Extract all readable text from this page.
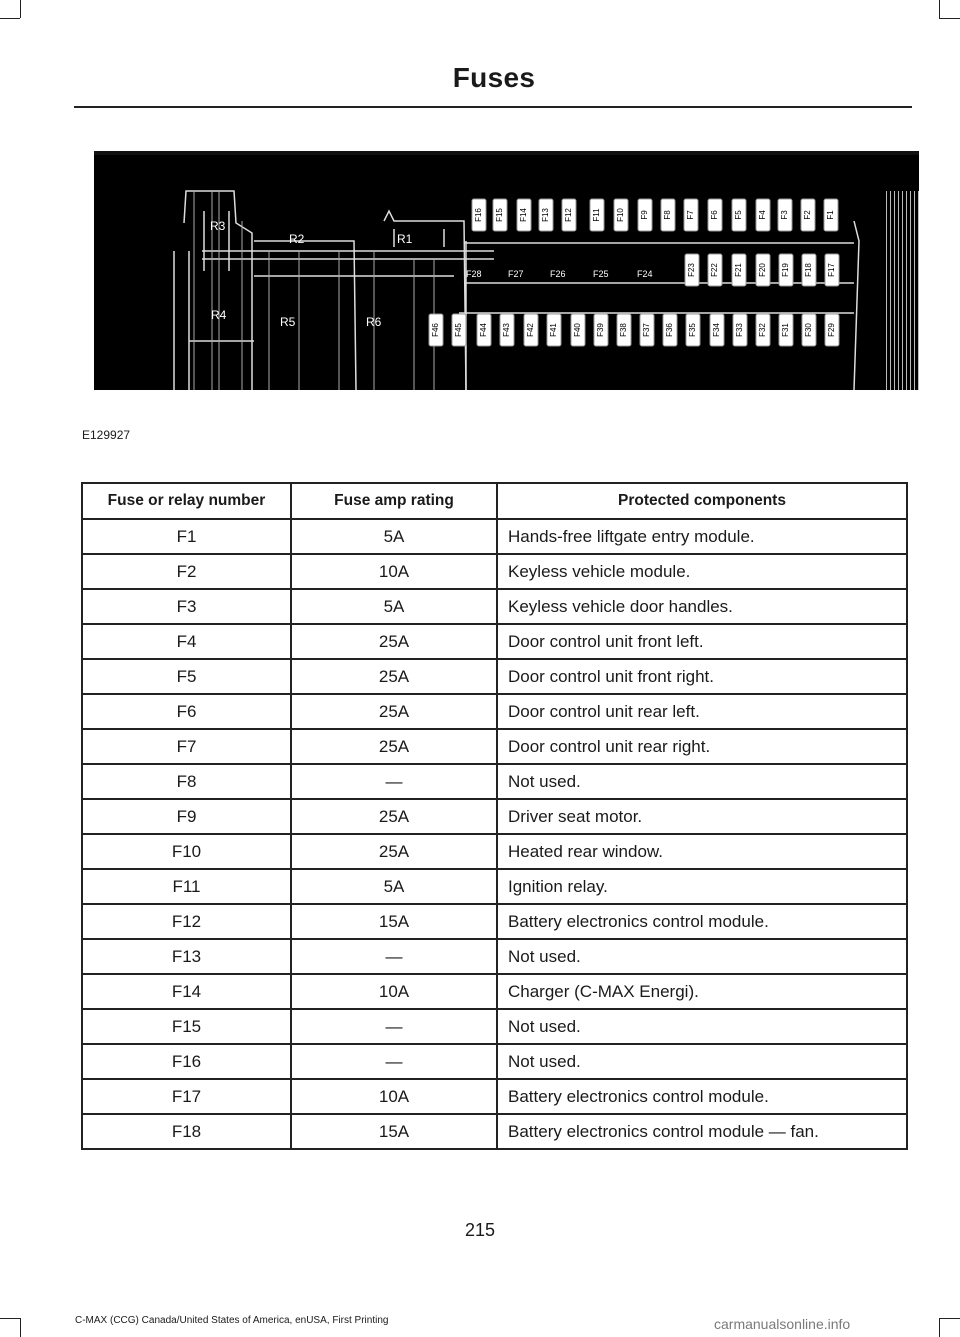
Fuses
R1
R2
R3
R4	R5	R6
F16 F15 F14 F13 F12 F11 F10 F9 F8 F7 F6 F5 F4 F3 F2 F1
F23 F22 F21 F20 F19 F18 F17
F28	F27	F26	F25	F24
F46 F45 F44 F43 F42 F41 F40 F39 F38 F37 F36 F35 F34 F33 F32 F31 F30 F29
E129927
Fuse or relay number	Fuse amp rating	Protected components
F1	5A	Hands-free liftgate entry module.
F2	10A	Keyless vehicle module.
F3	5A	Keyless vehicle door handles.
F4	25A	Door control unit front left.
F5	25A	Door control unit front right.
F6	25A	Door control unit rear left.
F7	25A	Door control unit rear right.
F8	—	Not used.
F9	25A	Driver seat motor.
F10	25A	Heated rear window.
F11	5A	Ignition relay.
F12	15A	Battery electronics control module.
F13	—	Not used.
F14	10A	Charger (C-MAX Energi).
F15	—	Not used.
F16	—	Not used.
F17	10A	Battery electronics control module.
F18	15A	Battery electronics control module — fan.
215
C-MAX (CCG) Canada/United States of America, enUSA, First Printing	carmanualsonline.info
